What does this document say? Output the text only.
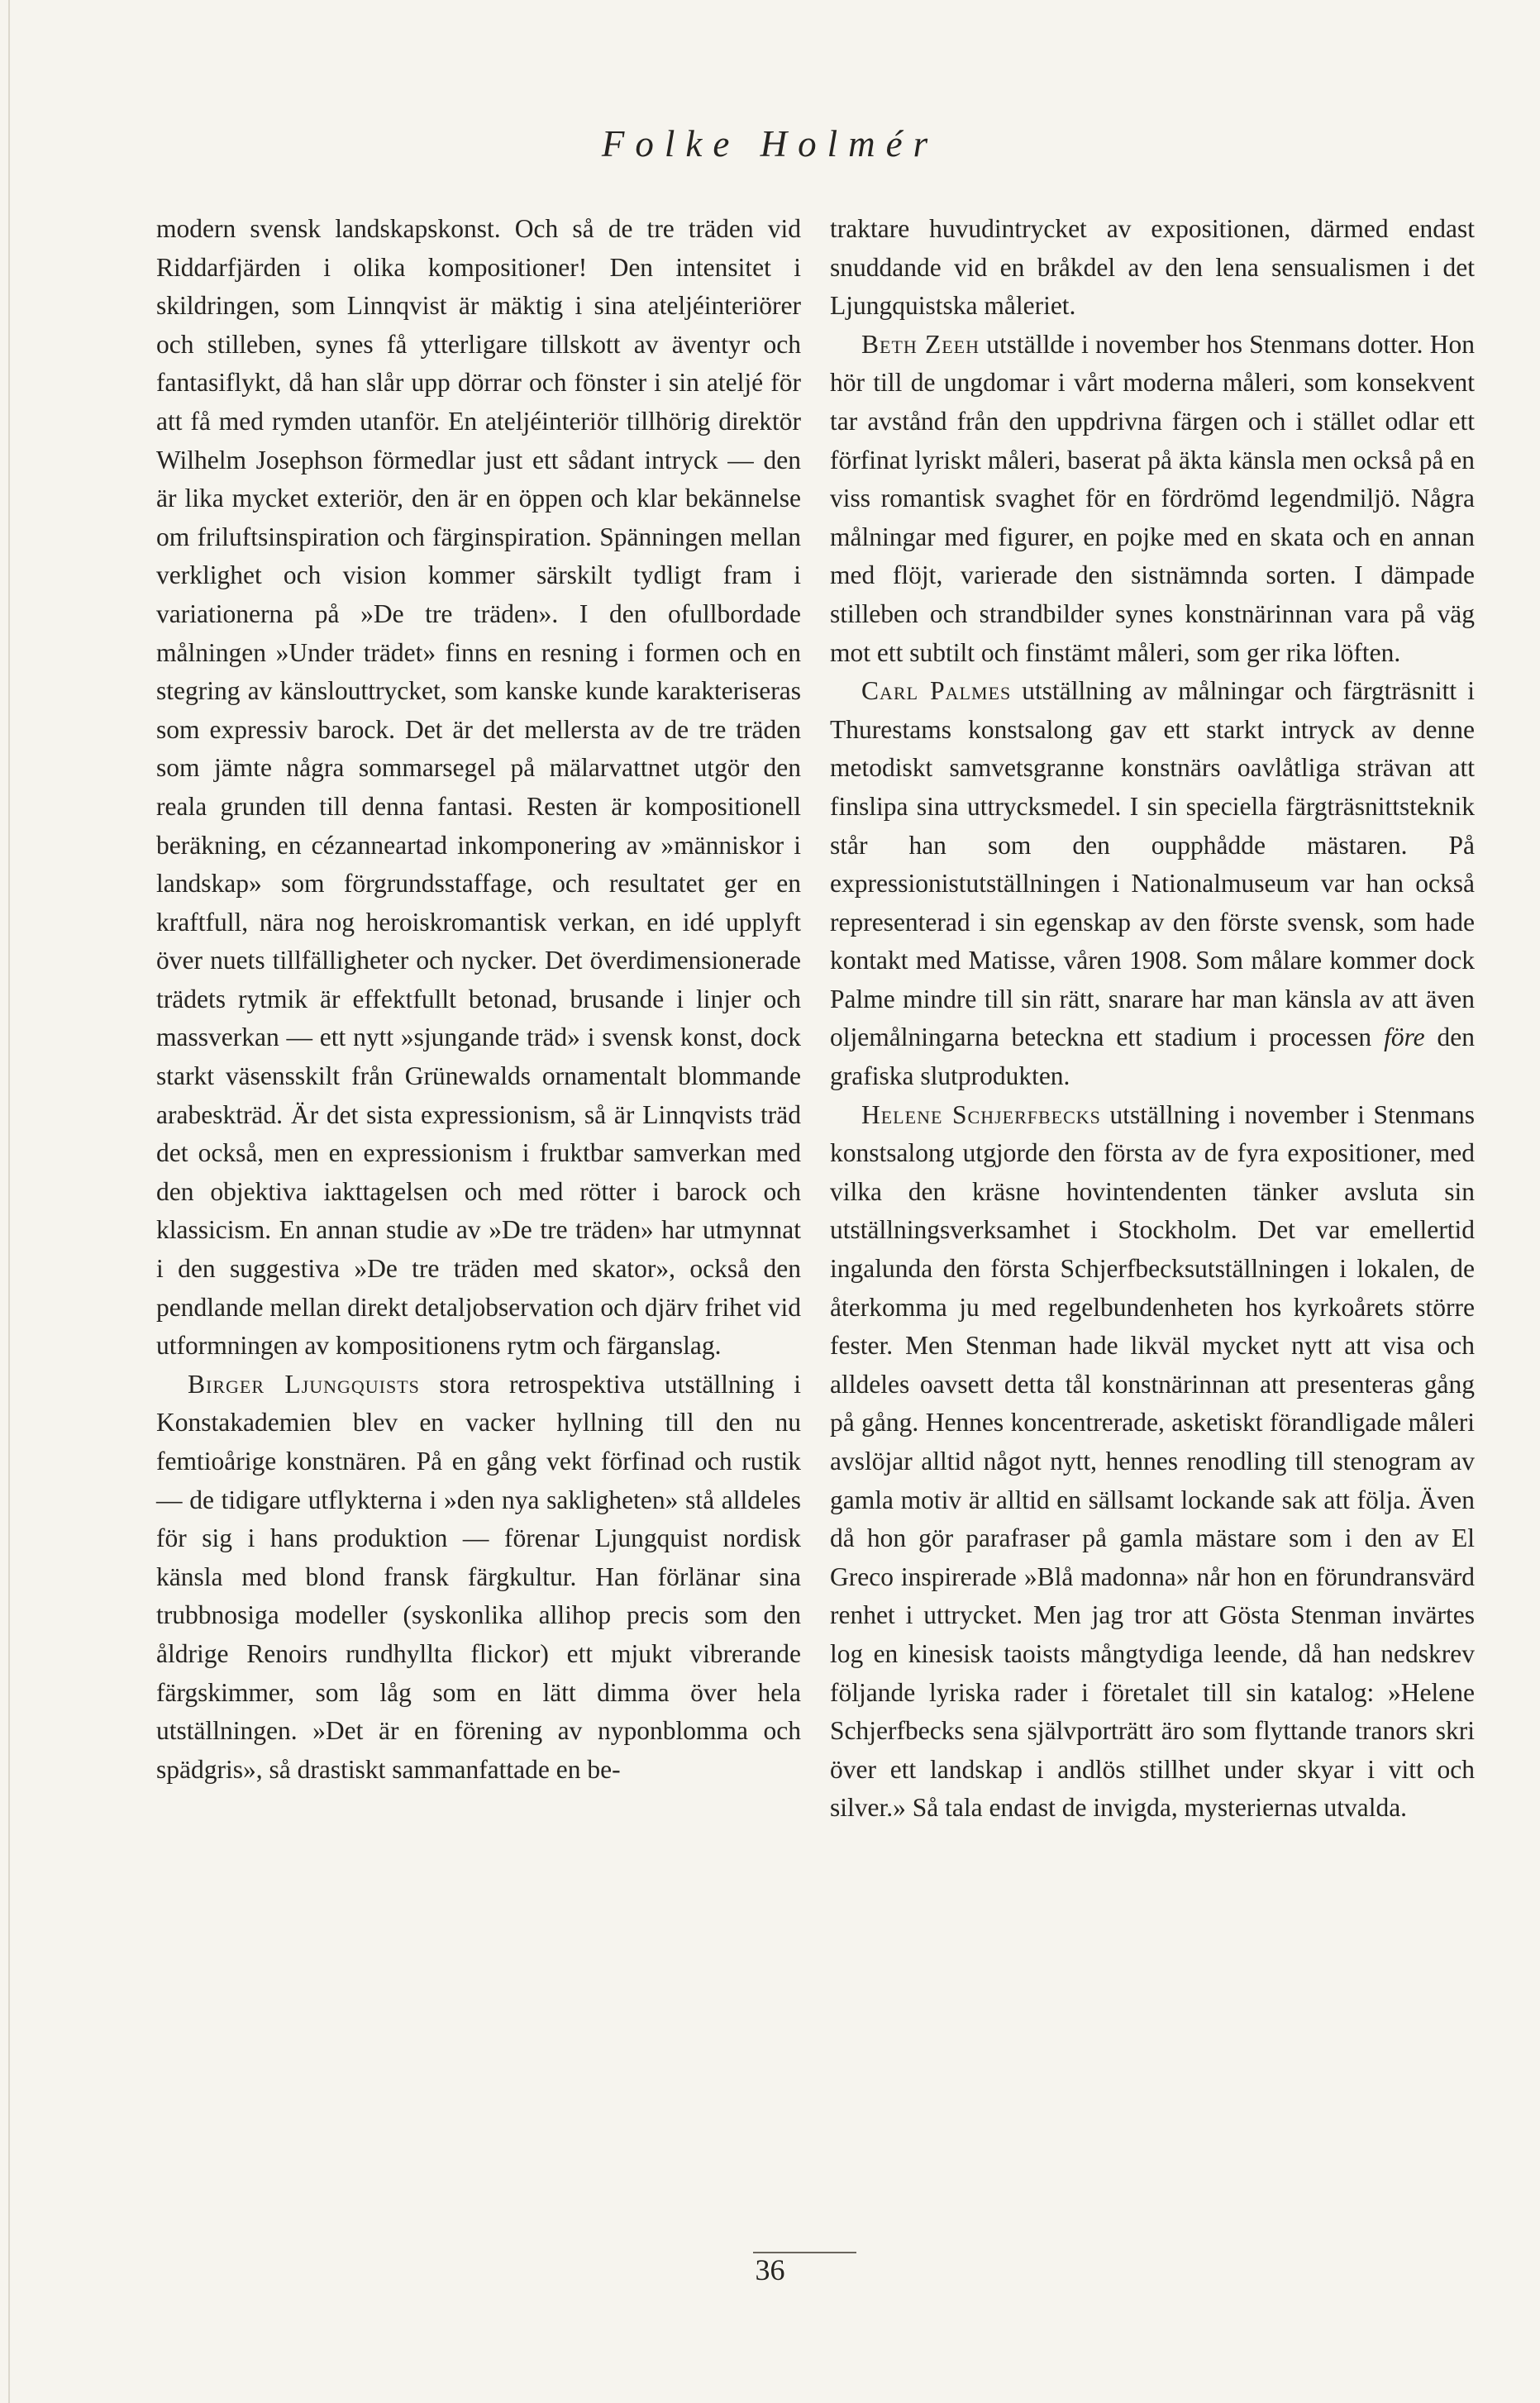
Folke Holmér

modern svensk landskapskonst. Och så de tre träden vid Riddarfjärden i olika kompositioner! Den intensitet i skildringen, som Linnqvist är mäktig i sina ateljéinteriörer och stilleben, synes få ytterligare tillskott av äventyr och fantasiflykt, då han slår upp dörrar och fönster i sin ateljé för att få med rymden utanför. En ateljéinteriör tillhörig direktör Wilhelm Josephson förmedlar just ett sådant intryck — den är lika mycket exteriör, den är en öppen och klar bekännelse om friluftsinspiration och färginspiration. Spänningen mellan verklighet och vision kommer särskilt tydligt fram i variationerna på »De tre träden». I den ofullbordade målningen »Under trädet» finns en resning i formen och en stegring av känslouttrycket, som kanske kunde karakteriseras som expressiv barock. Det är det mellersta av de tre träden som jämte några sommarsegel på mälarvattnet utgör den reala grunden till denna fantasi. Resten är kompositionell beräkning, en cézanneartad inkomponering av »människor i landskap» som förgrundsstaffage, och resultatet ger en kraftfull, nära nog heroiskromantisk verkan, en idé upplyft över nuets tillfälligheter och nycker. Det överdimensionerade trädets rytmik är effektfullt betonad, brusande i linjer och massverkan — ett nytt »sjungande träd» i svensk konst, dock starkt väsensskilt från Grünewalds ornamentalt blommande arabeskträd. Är det sista expressionism, så är Linnqvists träd det också, men en expressionism i fruktbar samverkan med den objektiva iakttagelsen och med rötter i barock och klassicism. En annan studie av »De tre träden» har utmynnat i den suggestiva »De tre träden med skator», också den pendlande mellan direkt detaljobservation och djärv frihet vid utformningen av kompositionens rytm och färganslag.

Birger Ljungquists stora retrospektiva utställning i Konstakademien blev en vacker hyllning till den nu femtioårige konstnären. På en gång vekt förfinad och rustik — de tidigare utflykterna i »den nya sakligheten» stå alldeles för sig i hans produktion — förenar Ljungquist nordisk känsla med blond fransk färgkultur. Han förlänar sina trubbnosiga modeller (syskonlika allihop precis som den åldrige Renoirs rundhyllta flickor) ett mjukt vibrerande färgskimmer, som låg som en lätt dimma över hela utställningen. »Det är en förening av nyponblomma och spädgris», så drastiskt sammanfattade en be-

traktare huvudintrycket av expositionen, därmed endast snuddande vid en bråkdel av den lena sensualismen i det Ljungquistska måleriet.

Beth Zeeh utställde i november hos Stenmans dotter. Hon hör till de ungdomar i vårt moderna måleri, som konsekvent tar avstånd från den uppdrivna färgen och i stället odlar ett förfinat lyriskt måleri, baserat på äkta känsla men också på en viss romantisk svaghet för en fördrömd legendmiljö. Några målningar med figurer, en pojke med en skata och en annan med flöjt, varierade den sistnämnda sorten. I dämpade stilleben och strandbilder synes konstnärinnan vara på väg mot ett subtilt och finstämt måleri, som ger rika löften.

Carl Palmes utställning av målningar och färgträsnitt i Thurestams konstsalong gav ett starkt intryck av denne metodiskt samvetsgranne konstnärs oavlåtliga strävan att finslipa sina uttrycksmedel. I sin speciella färgträsnittsteknik står han som den oupphådde mästaren. På expressionistutställningen i Nationalmuseum var han också representerad i sin egenskap av den förste svensk, som hade kontakt med Matisse, våren 1908. Som målare kommer dock Palme mindre till sin rätt, snarare har man känsla av att även oljemålningarna beteckna ett stadium i processen före den grafiska slutprodukten.

Helene Schjerfbecks utställning i november i Stenmans konstsalong utgjorde den första av de fyra expositioner, med vilka den kräsne hovintendenten tänker avsluta sin utställningsverksamhet i Stockholm. Det var emellertid ingalunda den första Schjerfbecksutställningen i lokalen, de återkomma ju med regelbundenheten hos kyrkoårets större fester. Men Stenman hade likväl mycket nytt att visa och alldeles oavsett detta tål konstnärinnan att presenteras gång på gång. Hennes koncentrerade, asketiskt förandligade måleri avslöjar alltid något nytt, hennes renodling till stenogram av gamla motiv är alltid en sällsamt lockande sak att följa. Även då hon gör parafraser på gamla mästare som i den av El Greco inspirerade »Blå madonna» når hon en förundransvärd renhet i uttrycket. Men jag tror att Gösta Stenman invärtes log en kinesisk taoists mångtydiga leende, då han nedskrev följande lyriska rader i företalet till sin katalog: »Helene Schjerfbecks sena självporträtt äro som flyttande tranors skri över ett landskap i andlös stillhet under skyar i vitt och silver.» Så tala endast de invigda, mysteriernas utvalda.

36
